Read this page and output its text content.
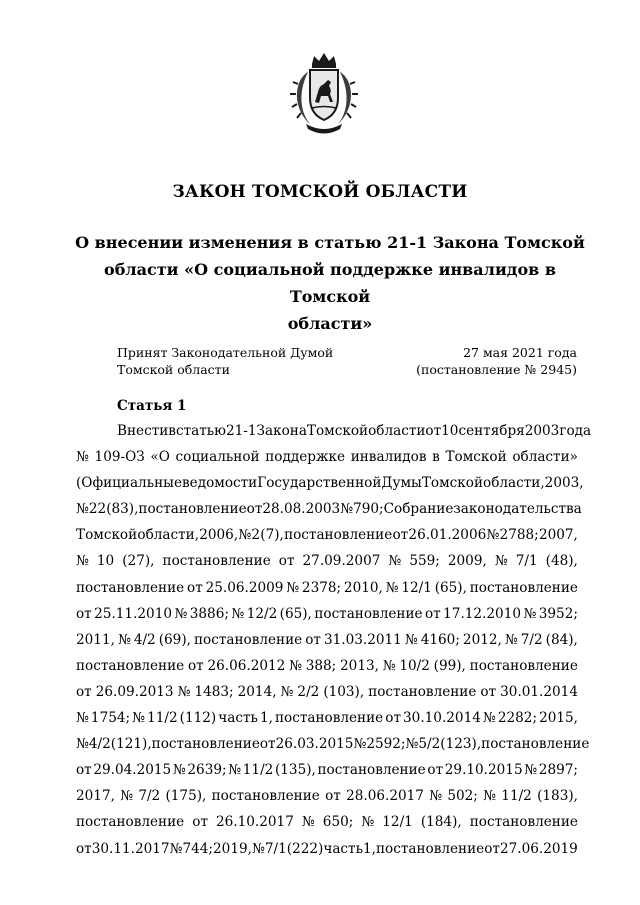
ЗАКОН ТОМСКОЙ ОБЛАСТИ
О внесении изменения в статью 21-1 Закона Томской
области «О социальной поддержке инвалидов в Томской
области»
Принят Законодательной Думой
Томской области
27 мая 2021 года
(постановление № 2945)
Статья 1
Внести в статью 21-1 Закона Томской области от 10 сентября 2003 года
№ 109-ОЗ «О социальной поддержке инвалидов в Томской области»
(Официальные ведомости Государственной Думы Томской области, 2003,
№ 22 (83), постановление от 28.08.2003 № 790; Собрание законодательства
Томской области, 2006, № 2 (7), постановление от 26.01.2006 № 2788; 2007,
№ 10 (27), постановление от 27.09.2007 № 559; 2009, № 7/1 (48),
постановление от 25.06.2009 № 2378; 2010, № 12/1 (65), постановление
от 25.11.2010 № 3886; № 12/2 (65), постановление от 17.12.2010 № 3952;
2011, № 4/2 (69), постановление от 31.03.2011 № 4160; 2012, № 7/2 (84),
постановление от 26.06.2012 № 388; 2013, № 10/2 (99), постановление
от 26.09.2013 № 1483; 2014, № 2/2 (103), постановление от 30.01.2014
№ 1754; № 11/2 (112) часть 1, постановление от 30.10.2014 № 2282; 2015,
№ 4/2 (121), постановление от 26.03.2015 № 2592; № 5/2 (123), постановление
от 29.04.2015 № 2639; № 11/2 (135), постановление от 29.10.2015 № 2897;
2017, № 7/2 (175), постановление от 28.06.2017 № 502; № 11/2 (183),
постановление от 26.10.2017 № 650; № 12/1 (184), постановление
от 30.11.2017 № 744; 2019, № 7/1 (222) часть 1, постановление от 27.06.2019
